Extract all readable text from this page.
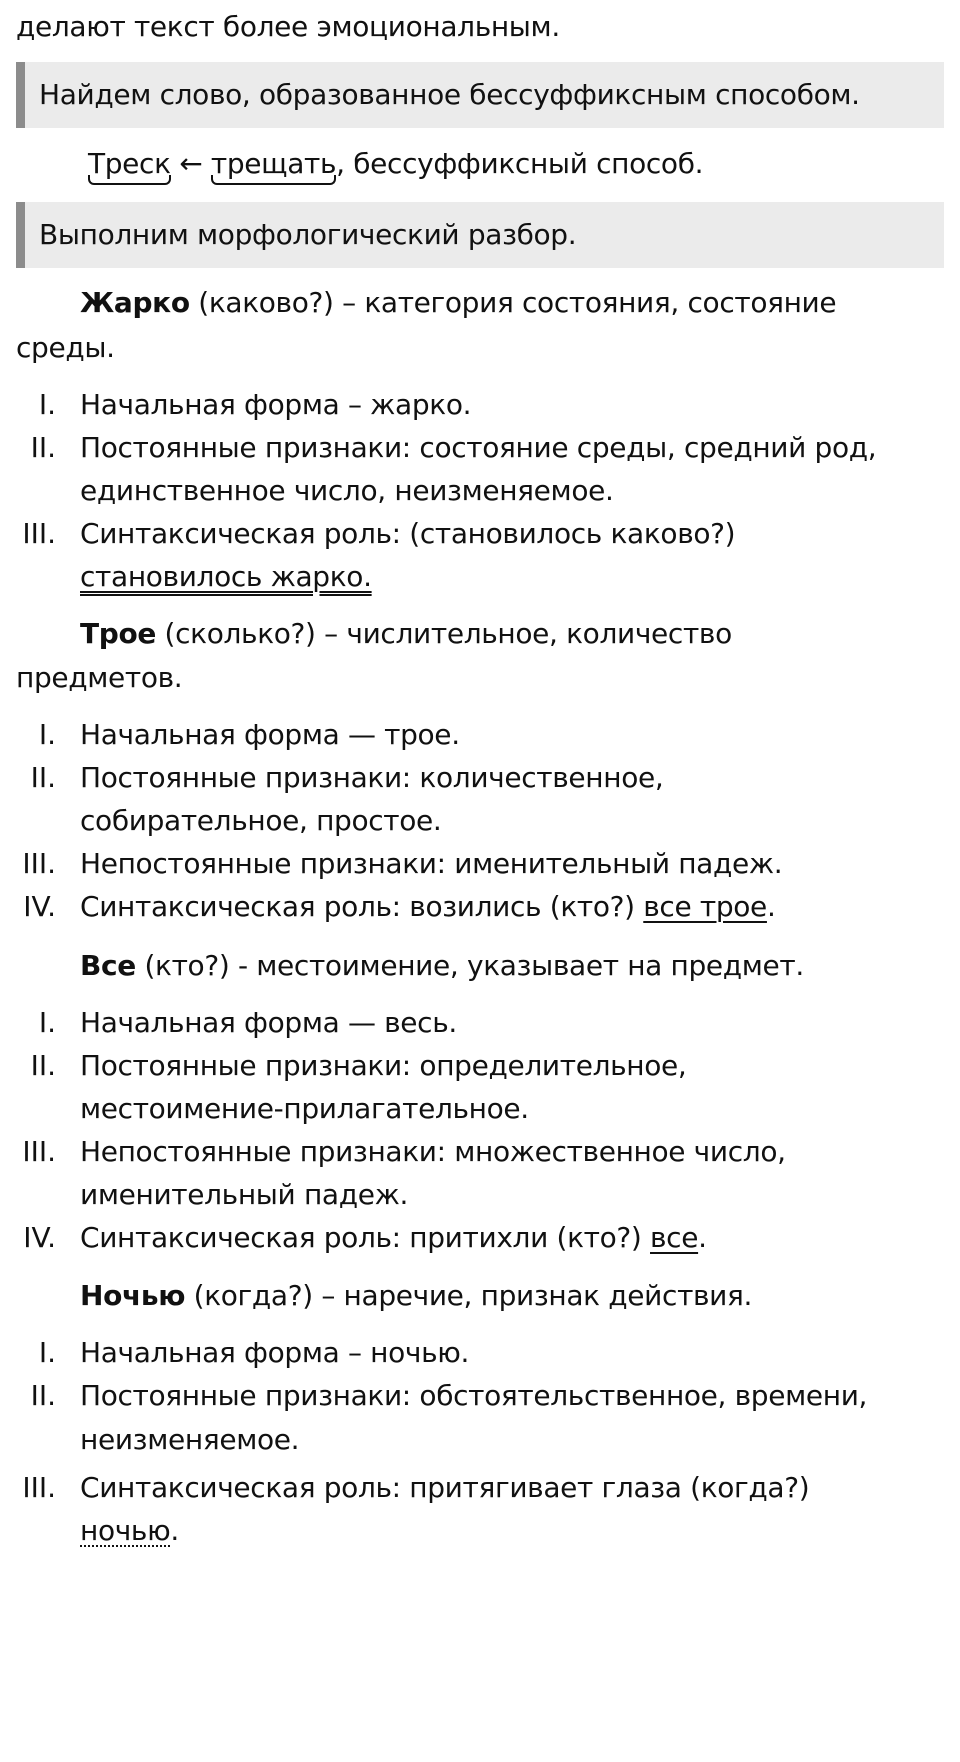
делают текст более эмоциональным.
Найдем слово, образованное бессуффиксным способом.
Треск ← трещать, бессуффиксный способ.
Выполним морфологический разбор.
Жарко (каково?) – категория состояния, состояние
среды.
I. Начальная форма – жарко.
II. Постоянные признаки: состояние среды, средний род,
единственное число, неизменяемое.
III. Синтаксическая роль: (становилось каково?)
становилось жарко.
Трое (сколько?) – числительное, количество
предметов.
I. Начальная форма — трое.
II. Постоянные признаки: количественное,
собирательное, простое.
III. Непостоянные признаки: именительный падеж.
IV. Синтаксическая роль: возились (кто?) все трое.
Все (кто?) - местоимение, указывает на предмет.
I. Начальная форма — весь.
II. Постоянные признаки: определительное,
местоимение-прилагательное.
III. Непостоянные признаки: множественное число,
именительный падеж.
IV. Синтаксическая роль: притихли (кто?) все.
Ночью (когда?) – наречие, признак действия.
I. Начальная форма – ночью.
II. Постоянные признаки: обстоятельственное, времени,
неизменяемое.
III. Синтаксическая роль: притягивает глаза (когда?)
ночью.
